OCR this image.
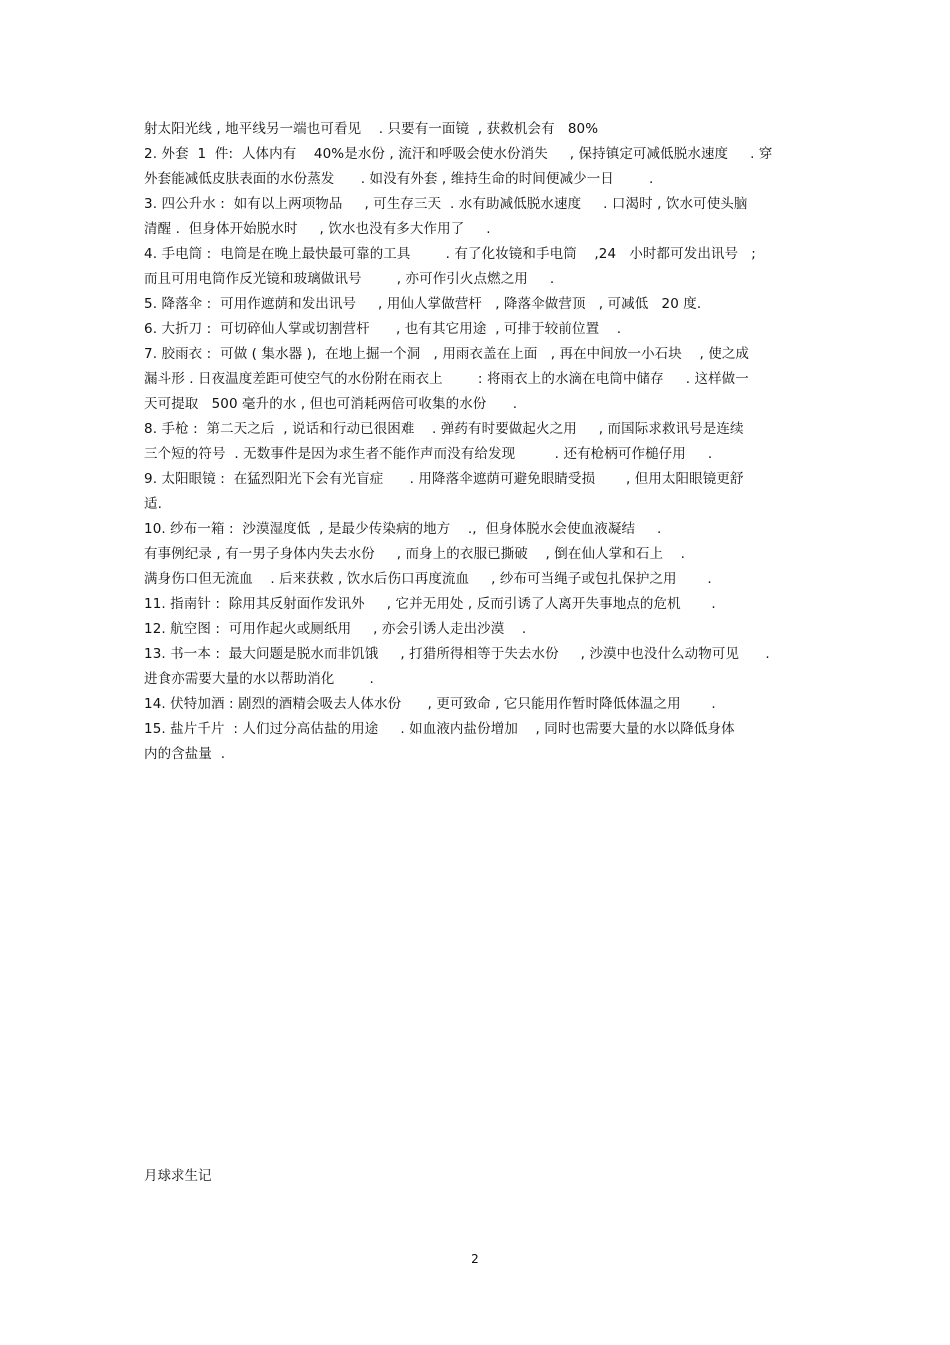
射太阳光线 , 地平线另一端也可看见    . 只要有一面镜  , 获救机会有   80%
2. 外套  1  件:  人体内有    40%是水份 , 流汗和呼吸会使水份消失     , 保持镇定可减低脱水速度     . 穿
外套能减低皮肤表面的水份蒸发      . 如没有外套 , 维持生命的时间便减少一日        .
3. 四公升水 :  如有以上两项物品     , 可生存三天  . 水有助减低脱水速度     . 口渴时 , 饮水可使头脑
清醒 .  但身体开始脱水时     , 饮水也没有多大作用了     .
4. 手电筒 :  电筒是在晚上最快最可靠的工具        . 有了化妆镜和手电筒    ,24   小时都可发出讯号   ;
而且可用电筒作反光镜和玻璃做讯号        , 亦可作引火点燃之用     .
5. 降落伞 :  可用作遮荫和发出讯号     , 用仙人掌做营杆   , 降落伞做营顶   , 可减低   20 度.
6. 大折刀 :  可切碎仙人掌或切割营杆      , 也有其它用途  , 可排于较前位置    .
7. 胶雨衣 :  可做 ( 集水器 ),  在地上掘一个洞   , 用雨衣盖在上面   , 再在中间放一小石块    , 使之成
漏斗形 . 日夜温度差距可使空气的水份附在雨衣上        : 将雨衣上的水滴在电筒中储存     . 这样做一
天可提取   500 毫升的水 , 但也可消耗两倍可收集的水份      .
8. 手枪 :  第二天之后  , 说话和行动已很困难    . 弹药有时要做起火之用     , 而国际求救讯号是连续
三个短的符号  . 无数事件是因为求生者不能作声而没有给发现         . 还有枪柄可作槌仔用     .
9. 太阳眼镜 :  在猛烈阳光下会有光盲症      . 用降落伞遮荫可避免眼睛受损       , 但用太阳眼镜更舒
适.
10. 纱布一箱 :  沙漠湿度低  , 是最少传染病的地方    .,  但身体脱水会使血液凝结     .
有事例纪录 , 有一男子身体内失去水份     , 而身上的衣服已撕破    , 倒在仙人掌和石上    .
满身伤口但无流血    . 后来获救 , 饮水后伤口再度流血     , 纱布可当绳子或包扎保护之用       .
11. 指南针 :  除用其反射面作发讯外     , 它并无用处 , 反而引诱了人离开失事地点的危机       .
12. 航空图 :  可用作起火或厕纸用     , 亦会引诱人走出沙漠    .
13. 书一本 :  最大问题是脱水而非饥饿     , 打猎所得相等于失去水份     , 沙漠中也没什么动物可见      .
进食亦需要大量的水以帮助消化        .
14. 伏特加酒 : 剧烈的酒精会吸去人体水份      , 更可致命 , 它只能用作暂时降低体温之用       .
15. 盐片千片  : 人们过分高估盐的用途     . 如血液内盐份增加    , 同时也需要大量的水以降低身体
内的含盐量  .
月球求生记
2
